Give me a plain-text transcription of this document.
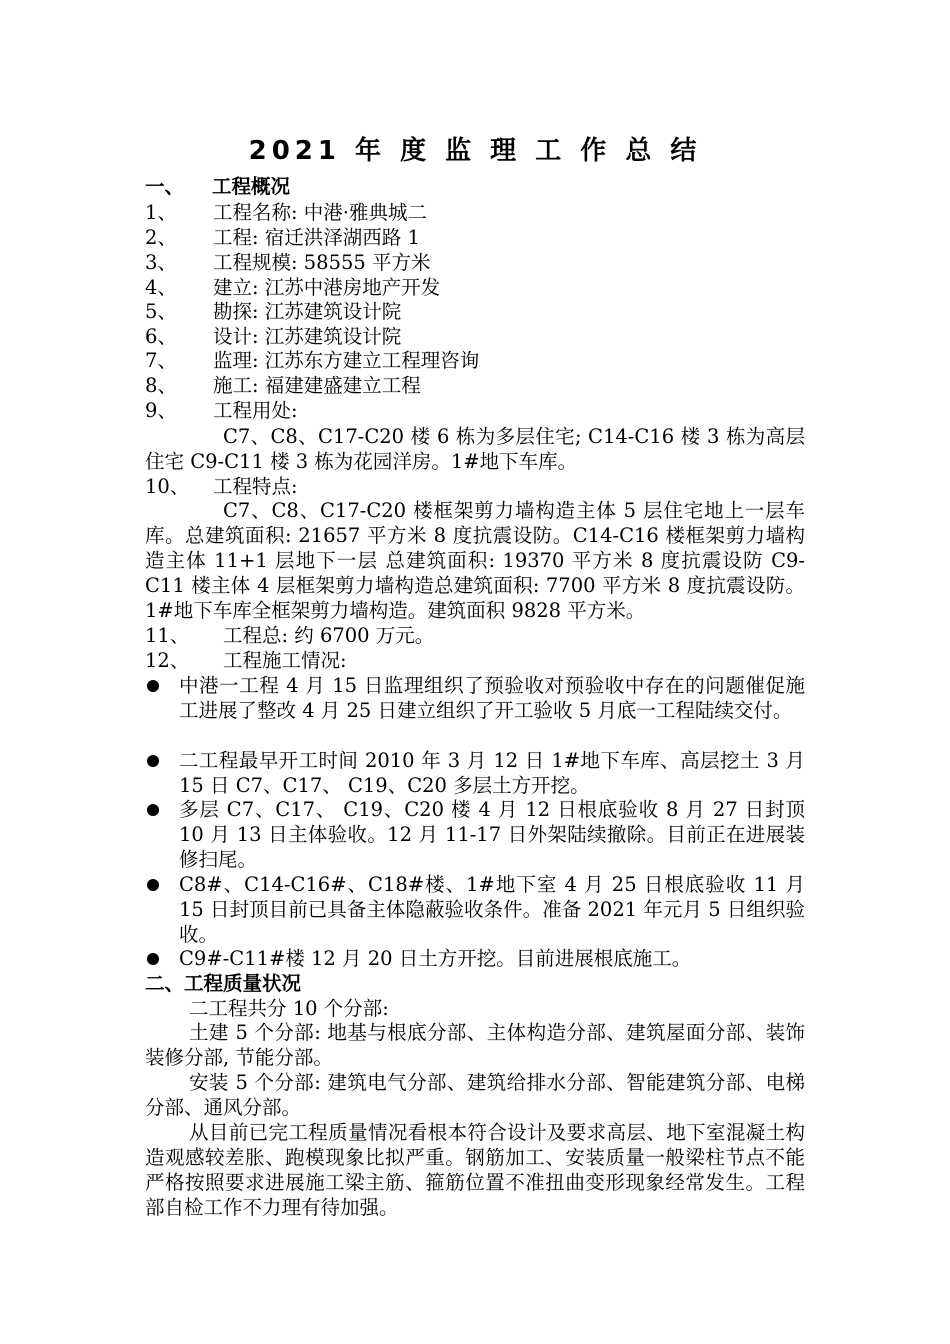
2021 年 度 监 理 工 作 总 结
一、 工程概况
1、 工程名称: 中港·雅典城二
2、 工程: 宿迁洪泽湖西路 1
3、 工程规模: 58555 平方米
4、 建立: 江苏中港房地产开发
5、 勘探: 江苏建筑设计院
6、 设计: 江苏建筑设计院
7、 监理: 江苏东方建立工程理咨询
8、 施工: 福建建盛建立工程
9、 工程用处:
C7、C8、C17-C20 楼 6 栋为多层住宅; C14-C16 楼 3 栋为高层住宅 C9-C11 楼 3 栋为花园洋房。1#地下车库。
10、 工程特点:
C7、C8、C17-C20 楼框架剪力墙构造主体 5 层住宅地上一层车库。总建筑面积: 21657 平方米 8 度抗震设防。C14-C16 楼框架剪力墙构造主体 11+1 层地下一层 总建筑面积: 19370 平方米 8 度抗震设防 C9-C11 楼主体 4 层框架剪力墙构造总建筑面积: 7700 平方米 8 度抗震设防。1#地下车库全框架剪力墙构造。建筑面积 9828 平方米。
11、 工程总: 约 6700 万元。
12、 工程施工情况:
中港一工程 4 月 15 日监理组织了预验收对预验收中存在的问题催促施工进展了整改 4 月 25 日建立组织了开工验收 5 月底一工程陆续交付。
二工程最早开工时间 2010 年 3 月 12 日 1#地下车库、高层挖土 3 月 15 日 C7、C17、 C19、C20 多层土方开挖。
多层 C7、C17、 C19、C20 楼 4 月 12 日根底验收 8 月 27 日封顶 10 月 13 日主体验收。12 月 11-17 日外架陆续撤除。目前正在进展装修扫尾。
C8#、C14-C16#、C18#楼、1#地下室 4 月 25 日根底验收 11 月 15 日封顶目前已具备主体隐蔽验收条件。准备 2021 年元月 5 日组织验收。
C9#-C11#楼 12 月 20 日土方开挖。目前进展根底施工。
二、工程质量状况
二工程共分 10 个分部:
土建 5 个分部: 地基与根底分部、主体构造分部、建筑屋面分部、装饰装修分部, 节能分部。
安装 5 个分部: 建筑电气分部、建筑给排水分部、智能建筑分部、电梯分部、通风分部。
从目前已完工程质量情况看根本符合设计及要求高层、地下室混凝土构造观感较差胀、跑模现象比拟严重。钢筋加工、安装质量一般梁柱节点不能严格按照要求进展施工梁主筋、箍筋位置不准扭曲变形现象经常发生。工程部自检工作不力理有待加强。
